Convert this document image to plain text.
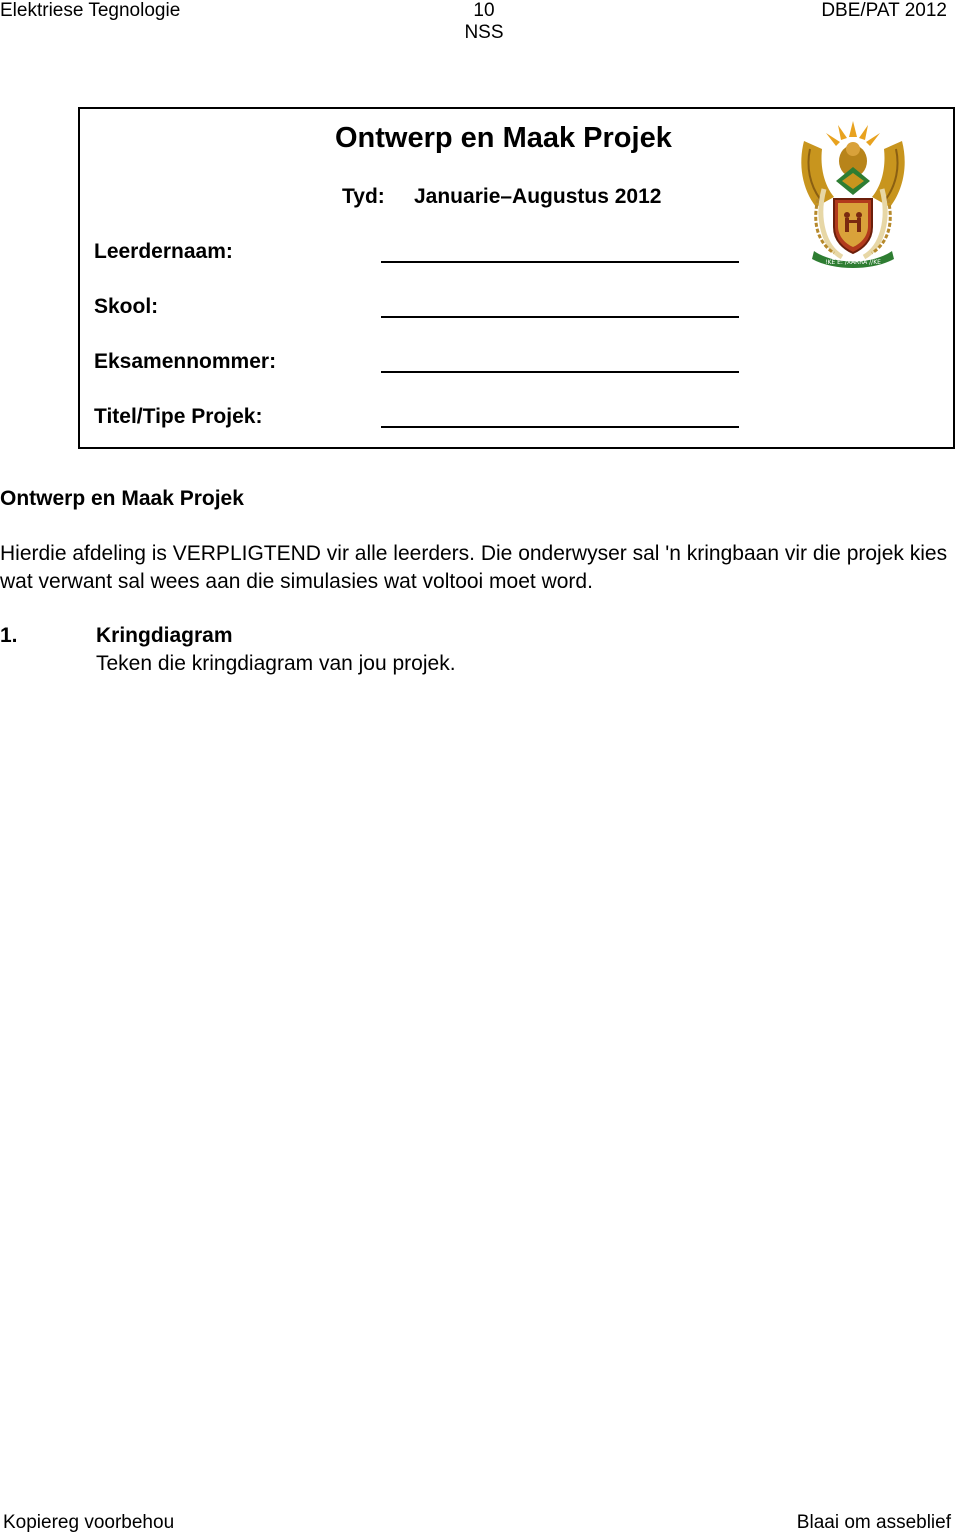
Elektriese Tegnologie	10
NSS
DBE/PAT 2012
Ontwerp en Maak Projek
Tyd: Januarie–Augustus 2012
Leerdernaam:
Skool:
Eksamennommer:
Titel/Tipe Projek:
!KE E: /XARRA //KE
Ontwerp en Maak Projek

Hierdie afdeling is VERPLIGTEND vir alle leerders. Die onderwyser sal 'n kringbaan vir die projek kies wat verwant sal wees aan die simulasies wat voltooi moet word.

1.	Kringdiagram
Teken die kringdiagram van jou projek.
Kopiereg voorbehou	Blaai om asseblief
